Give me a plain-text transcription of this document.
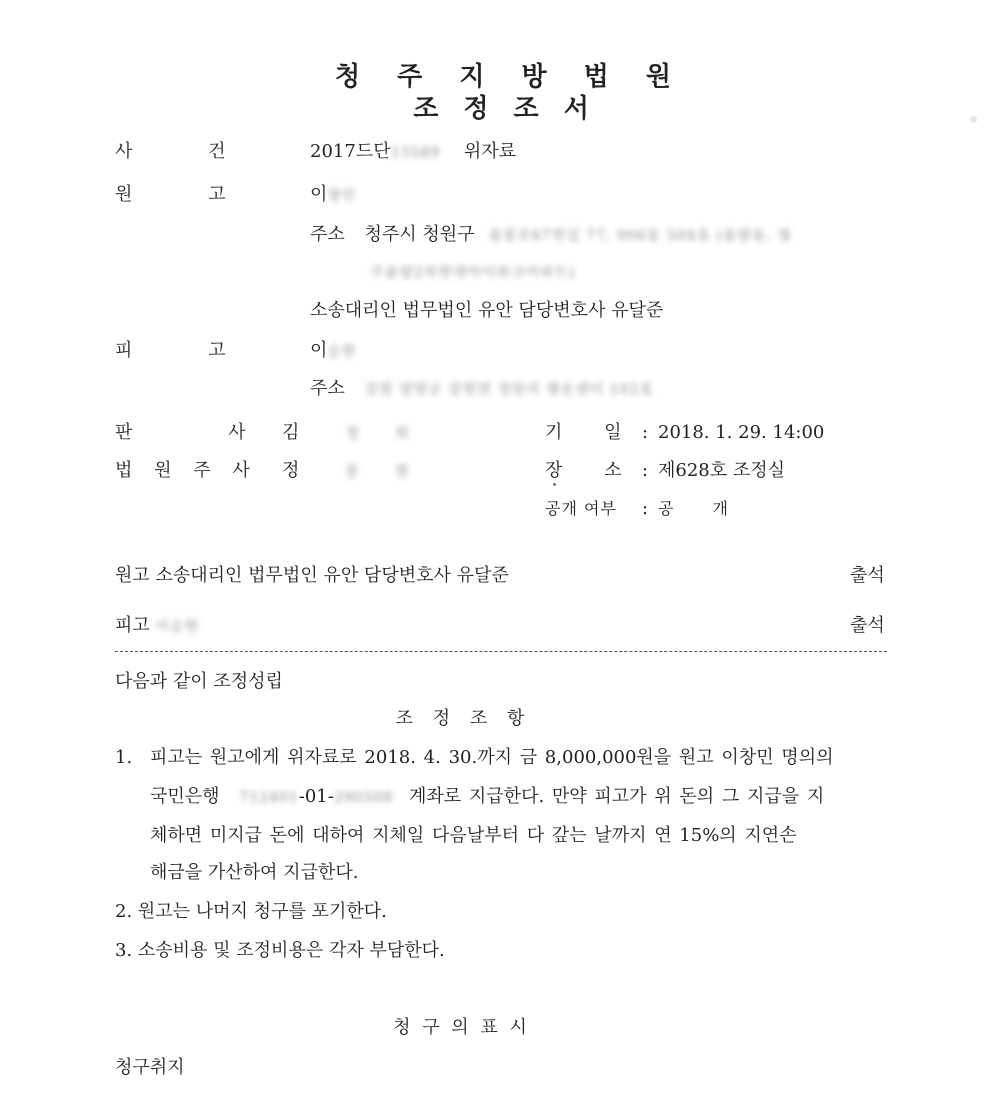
청 주 지 방 법 원
조 정 조 서
사 건	2017드단13589 위자료
원 고	이창민
주소 청주시 청원구 율봉로67번길 77, 906동 504호 (율량동, 청
주율량2차현대아이파크아파트)
소송대리인 법무법인 유안 담당변호사 유달준
피 고	이승현
주소 강원 양양군 강현면 정암리 행운센터 102호
판 사 김	정 희
법 원 주 사 정	봉 현
기 일 : 2018. 1. 29. 14:00
장 소 : 제628호 조정실
공개 여부 : 공 개
원고 소송대리인 법무법인 유안 담당변호사 유달준	출석
피고 이승현	출석
다음과 같이 조정성립
조 정 조 항
1. 피고는 원고에게 위자료로 2018. 4. 30.까지 금 8,000,000원을 원고 이창민 명의의
국민은행 712401-01-290508 계좌로 지급한다. 만약 피고가 위 돈의 그 지급을 지
체하면 미지급 돈에 대하여 지체일 다음날부터 다 갚는 날까지 연 15%의 지연손
해금을 가산하여 지급한다.
2. 원고는 나머지 청구를 포기한다.
3. 소송비용 및 조정비용은 각자 부담한다.
청 구 의 표 시
청구취지
